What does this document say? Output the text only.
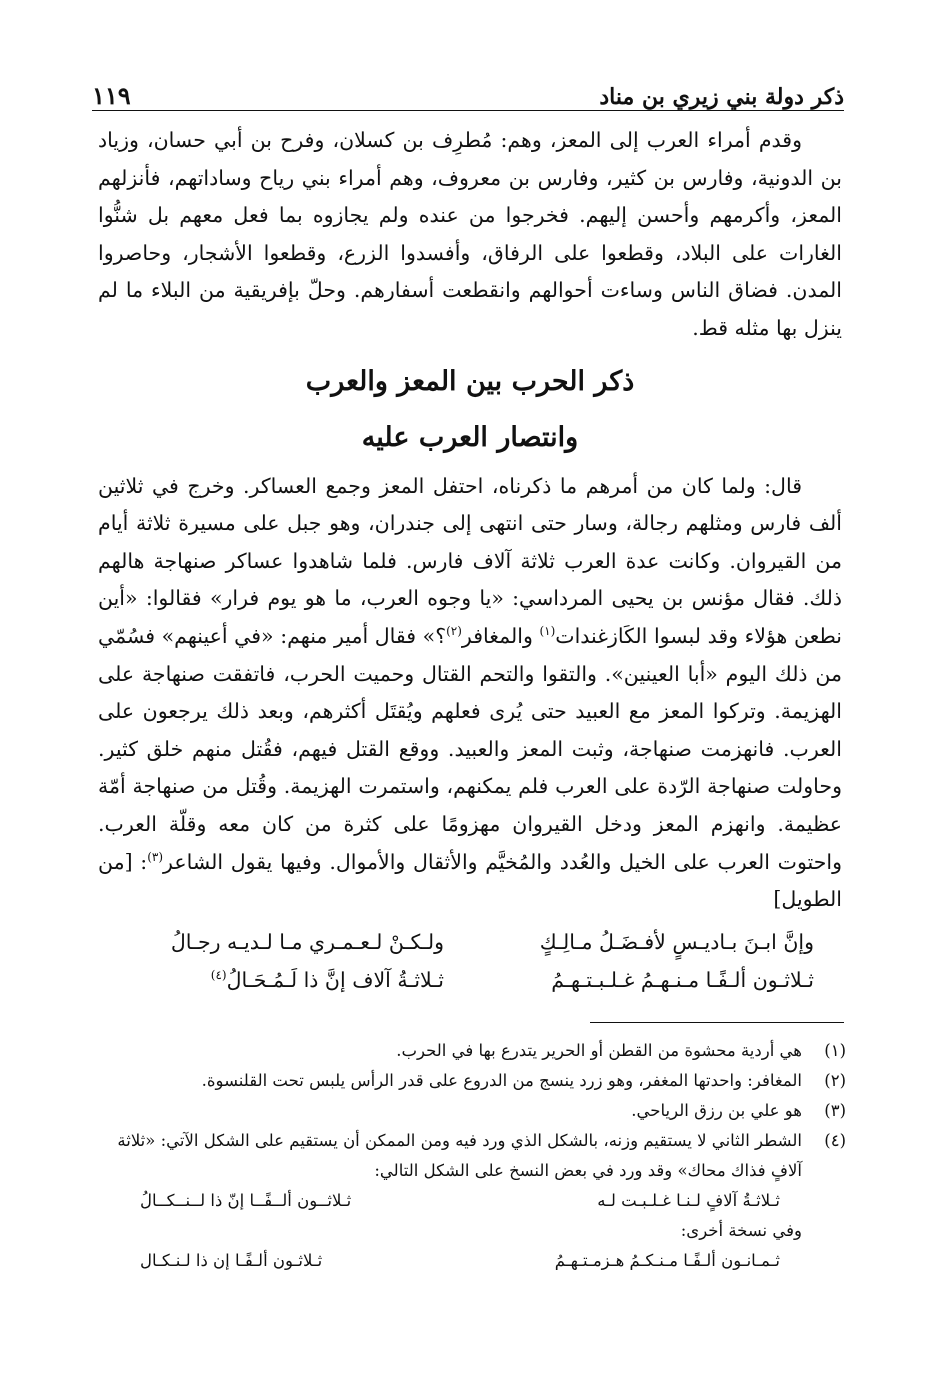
ذكر دولة بني زيري بن مناد
١١٩

وقدم أمراء العرب إلى المعز، وهم: مُطرِف بن كسلان، وفرح بن أبي حسان، وزياد بن الدونية، وفارس بن كثير، وفارس بن معروف، وهم أمراء بني رياح وساداتهم، فأنزلهم المعز، وأكرمهم وأحسن إليهم. فخرجوا من عنده ولم يجازوه بما فعل معهم بل شنُّوا الغارات على البلاد، وقطعوا على الرفاق، وأفسدوا الزرع، وقطعوا الأشجار، وحاصروا المدن. فضاق الناس وساءت أحوالهم وانقطعت أسفارهم. وحلّ بإفريقية من البلاء ما لم ينزل بها مثله قط.

ذكر الحرب بين المعز والعرب
وانتصار العرب عليه

قال: ولما كان من أمرهم ما ذكرناه، احتفل المعز وجمع العساكر. وخرج في ثلاثين ألف فارس ومثلهم رجالة، وسار حتى انتهى إلى جندران، وهو جبل على مسيرة ثلاثة أيام من القيروان. وكانت عدة العرب ثلاثة آلاف فارس. فلما شاهدوا عساكر صنهاجة هالهم ذلك. فقال مؤنس بن يحيى المرداسي: «يا وجوه العرب، ما هو يوم فرار» فقالوا: «أين نطعن هؤلاء وقد لبسوا الكَازغندات$^{(١)}$ والمغافر$^{(٢)}$؟» فقال أمير منهم: «في أعينهم» فسُمّي من ذلك اليوم «أبا العينين». والتقوا والتحم القتال وحميت الحرب، فاتفقت صنهاجة على الهزيمة. وتركوا المعز مع العبيد حتى يُرى فعلهم ويُقتَل أكثرهم، وبعد ذلك يرجعون على العرب. فانهزمت صنهاجة، وثبت المعز والعبيد. ووقع القتل فيهم، فقُتل منهم خلق كثير. وحاولت صنهاجة الرّدة على العرب فلم يمكنهم، واستمرت الهزيمة. وقُتل من صنهاجة أمّة عظيمة. وانهزم المعز ودخل القيروان مهزومًا على كثرة من كان معه وقلّة العرب. واحتوت العرب على الخيل والعُدد والمُخيَّم والأثقال والأموال. وفيها يقول الشاعر$^{(٣)}$: [من الطويل]

وإنَّ ابـنَ بـاديـسٍ لأفـضَـلُ مـالِـكٍ
ولـكـنْ لـعـمـري مـا لـديـه رجـالُ
ثـلاثـون ألـفًـا مـنـهـمُ غـلـبـتـهـمُ
ثـلاثـةُ آلاف إنَّ ذا لَـمُـحَـالُ$^{(٤)}$
(١)
هي أردية محشوة من القطن أو الحرير يتدرع بها في الحرب.
(٢)
المغافر: واحدتها المغفر، وهو زرد ينسج من الدروع على قدر الرأس يلبس تحت القلنسوة.
(٣)
هو علي بن رزق الرياحي.
(٤)
الشطر الثاني لا يستقيم وزنه، بالشكل الذي ورد فيه ومن الممكن أن يستقيم على الشكل الآتي: «ثلاثة آلافٍ فذاك محاك» وقد ورد في بعض النسخ على الشكل التالي:
ثـلاثـةُ آلافٍ لـنـا غـلـبـت لـه
ثـلاثــون ألــفًــا إنّ ذا لــنــكــالُ
وفي نسخة أخرى:
ثـمـانـون ألـفًـا مـنـكـمُ هـزمـتـهـمُ
ثـلاثـون ألـفًـا إن ذا لـنـكـال
